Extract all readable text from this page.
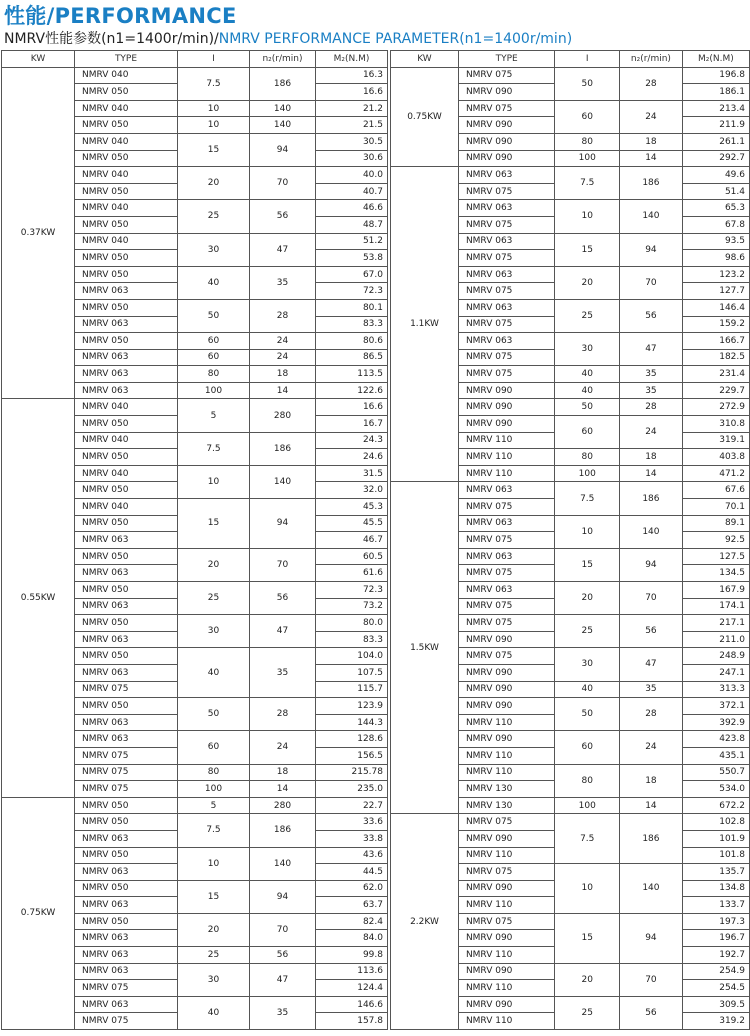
性能/PERFORMANCE
NMRV性能参数(n1=1400r/min)/NMRV PERFORMANCE PARAMETER(n1=1400r/min)
KW	TYPE	I	n₂(r/min)	M₂(N.M)
0.37KW	NMRV 040	7.5	186	16.3
	NMRV 050			16.6
	NMRV 040	10	140	21.2
	NMRV 050	10	140	21.5
	NMRV 040	15	94	30.5
	NMRV 050			30.6
	NMRV 040	20	70	40.0
	NMRV 050			40.7
	NMRV 040	25	56	46.6
	NMRV 050			48.7
	NMRV 040	30	47	51.2
	NMRV 050			53.8
	NMRV 050	40	35	67.0
	NMRV 063			72.3
	NMRV 050	50	28	80.1
	NMRV 063			83.3
	NMRV 050	60	24	80.6
	NMRV 063	60	24	86.5
	NMRV 063	80	18	113.5
	NMRV 063	100	14	122.6
0.55KW	NMRV 040	5	280	16.6
	NMRV 050			16.7
	NMRV 040	7.5	186	24.3
	NMRV 050			24.6
	NMRV 040	10	140	31.5
	NMRV 050			32.0
	NMRV 040	15	94	45.3
	NMRV 050			45.5
	NMRV 063			46.7
	NMRV 050	20	70	60.5
	NMRV 063			61.6
	NMRV 050	25	56	72.3
	NMRV 063			73.2
	NMRV 050	30	47	80.0
	NMRV 063			83.3
	NMRV 050	40	35	104.0
	NMRV 063			107.5
	NMRV 075			115.7
	NMRV 050	50	28	123.9
	NMRV 063			144.3
	NMRV 063	60	24	128.6
	NMRV 075			156.5
	NMRV 075	80	18	215.78
	NMRV 075	100	14	235.0
0.75KW	NMRV 050	5	280	22.7
	NMRV 050	7.5	186	33.6
	NMRV 063			33.8
	NMRV 050	10	140	43.6
	NMRV 063			44.5
	NMRV 050	15	94	62.0
	NMRV 063			63.7
	NMRV 050	20	70	82.4
	NMRV 063			84.0
	NMRV 063	25	56	99.8
	NMRV 063	30	47	113.6
	NMRV 075			124.4
	NMRV 063	40	35	146.6
	NMRV 075			157.8
KW	TYPE	I	n₂(r/min)	M₂(N.M)
0.75KW	NMRV 075	50	28	196.8
	NMRV 090			186.1
	NMRV 075	60	24	213.4
	NMRV 090			211.9
	NMRV 090	80	18	261.1
	NMRV 090	100	14	292.7
1.1KW	NMRV 063	7.5	186	49.6
	NMRV 075			51.4
	NMRV 063	10	140	65.3
	NMRV 075			67.8
	NMRV 063	15	94	93.5
	NMRV 075			98.6
	NMRV 063	20	70	123.2
	NMRV 075			127.7
	NMRV 063	25	56	146.4
	NMRV 075			159.2
	NMRV 063	30	47	166.7
	NMRV 075			182.5
	NMRV 075	40	35	231.4
	NMRV 090	40	35	229.7
	NMRV 090	50	28	272.9
	NMRV 090	60	24	310.8
	NMRV 110			319.1
	NMRV 110	80	18	403.8
	NMRV 110	100	14	471.2
1.5KW	NMRV 063	7.5	186	67.6
	NMRV 075			70.1
	NMRV 063	10	140	89.1
	NMRV 075			92.5
	NMRV 063	15	94	127.5
	NMRV 075			134.5
	NMRV 063	20	70	167.9
	NMRV 075			174.1
	NMRV 075	25	56	217.1
	NMRV 090			211.0
	NMRV 075	30	47	248.9
	NMRV 090			247.1
	NMRV 090	40	35	313.3
	NMRV 090	50	28	372.1
	NMRV 110			392.9
	NMRV 090	60	24	423.8
	NMRV 110			435.1
	NMRV 110	80	18	550.7
	NMRV 130			534.0
	NMRV 130	100	14	672.2
2.2KW	NMRV 075	7.5	186	102.8
	NMRV 090			101.9
	NMRV 110			101.8
	NMRV 075	10	140	135.7
	NMRV 090			134.8
	NMRV 110			133.7
	NMRV 075	15	94	197.3
	NMRV 090			196.7
	NMRV 110			192.7
	NMRV 090	20	70	254.9
	NMRV 110			254.5
	NMRV 090	25	56	309.5
	NMRV 110			319.2
